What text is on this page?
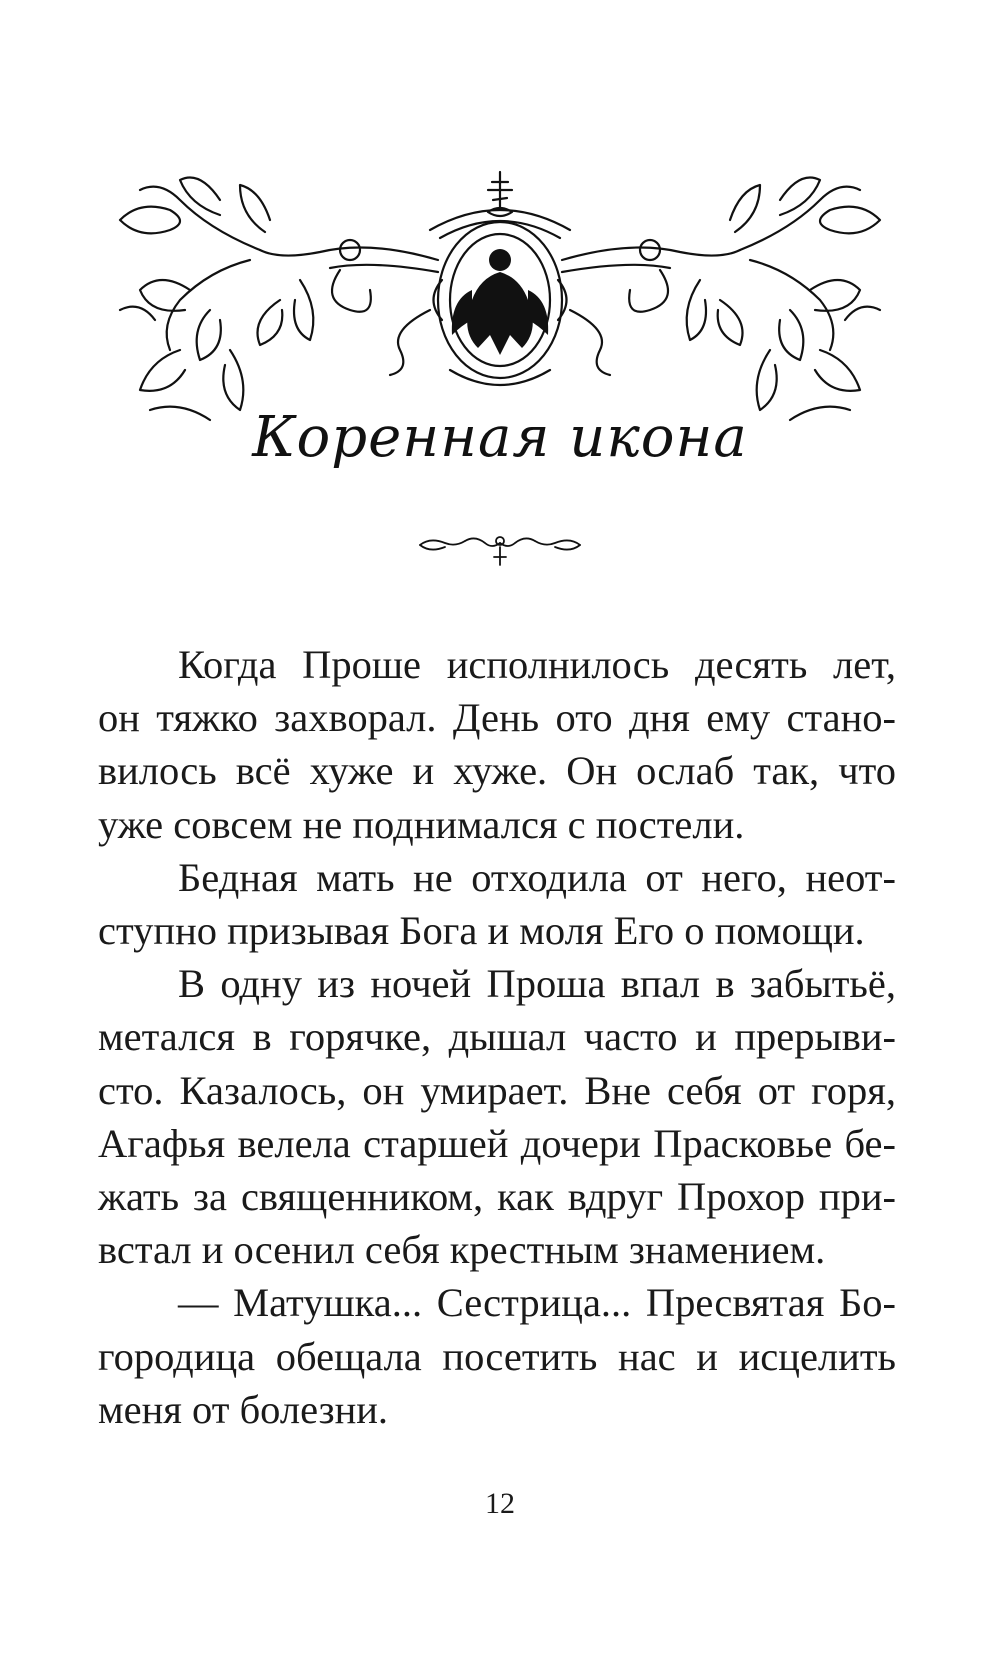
Коренная икона
Когда Проше исполнилось десять лет,
он тяжко захворал. День ото дня ему стано-
вилось всё хуже и хуже. Он ослаб так, что
уже совсем не поднимался с постели.
Бедная мать не отходила от него, неот-
ступно призывая Бога и моля Его о помощи.
В одну из ночей Проша впал в забытьё,
метался в горячке, дышал часто и прерыви-
сто. Казалось, он умирает. Вне себя от горя,
Агафья велела старшей дочери Прасковье бе-
жать за священником, как вдруг Прохор при-
встал и осенил себя крестным знамением.
— Матушка... Сестрица... Пресвятая Бо-
городица обещала посетить нас и исцелить
меня от болезни.
12
